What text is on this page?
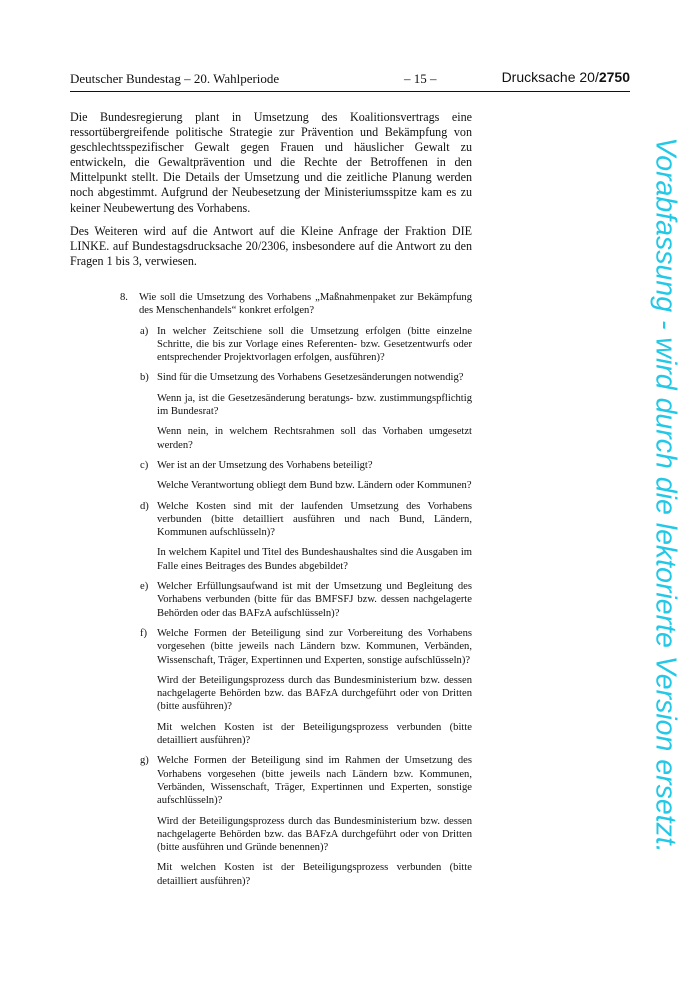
Deutscher Bundestag – 20. Wahlperiode	– 15 –	Drucksache 20/2750

Die Bundesregierung plant in Umsetzung des Koalitionsvertrags eine ressortübergreifende politische Strategie zur Prävention und Bekämpfung von geschlechtsspezifischer Gewalt gegen Frauen und häuslicher Gewalt zu entwickeln, die Gewaltprävention und die Rechte der Betroffenen in den Mittelpunkt stellt. Die Details der Umsetzung und die zeitliche Planung werden noch abgestimmt. Aufgrund der Neubesetzung der Ministeriumsspitze kam es zu keiner Neubewertung des Vorhabens.

Des Weiteren wird auf die Antwort auf die Kleine Anfrage der Fraktion DIE LINKE. auf Bundestagsdrucksache 20/2306, insbesondere auf die Antwort zu den Fragen 1 bis 3, verwiesen.

8. Wie soll die Umsetzung des Vorhabens „Maßnahmenpaket zur Bekämpfung des Menschenhandels“ konkret erfolgen?
a) In welcher Zeitschiene soll die Umsetzung erfolgen (bitte einzelne Schritte, die bis zur Vorlage eines Referenten- bzw. Gesetzentwurfs oder entsprechender Projektvorlagen erfolgen, ausführen)?

b) Sind für die Umsetzung des Vorhabens Gesetzesänderungen notwendig?

Wenn ja, ist die Gesetzesänderung beratungs- bzw. zustimmungspflichtig im Bundesrat?

Wenn nein, in welchem Rechtsrahmen soll das Vorhaben umgesetzt werden?

c) Wer ist an der Umsetzung des Vorhabens beteiligt?

Welche Verantwortung obliegt dem Bund bzw. Ländern oder Kommunen?

d) Welche Kosten sind mit der laufenden Umsetzung des Vorhabens verbunden (bitte detailliert ausführen und nach Bund, Ländern, Kommunen aufschlüsseln)?

In welchem Kapitel und Titel des Bundeshaushaltes sind die Ausgaben im Falle eines Beitrages des Bundes abgebildet?

e) Welcher Erfüllungsaufwand ist mit der Umsetzung und Begleitung des Vorhabens verbunden (bitte für das BMFSFJ bzw. dessen nachgelagerte Behörden oder das BAFzA aufschlüsseln)?

f) Welche Formen der Beteiligung sind zur Vorbereitung des Vorhabens vorgesehen (bitte jeweils nach Ländern bzw. Kommunen, Verbänden, Wissenschaft, Träger, Expertinnen und Experten, sonstige aufschlüsseln)?

Wird der Beteiligungsprozess durch das Bundesministerium bzw. dessen nachgelagerte Behörden bzw. das BAFzA durchgeführt oder von Dritten (bitte ausführen)?

Mit welchen Kosten ist der Beteiligungsprozess verbunden (bitte detailliert ausführen)?

g) Welche Formen der Beteiligung sind im Rahmen der Umsetzung des Vorhabens vorgesehen (bitte jeweils nach Ländern bzw. Kommunen, Verbänden, Wissenschaft, Träger, Expertinnen und Experten, sonstige aufschlüsseln)?

Wird der Beteiligungsprozess durch das Bundesministerium bzw. dessen nachgelagerte Behörden bzw. das BAFzA durchgeführt oder von Dritten (bitte ausführen und Gründe benennen)?

Mit welchen Kosten ist der Beteiligungsprozess verbunden (bitte detailliert ausführen)?

Vorabfassung - wird durch die lektorierte Version ersetzt.
